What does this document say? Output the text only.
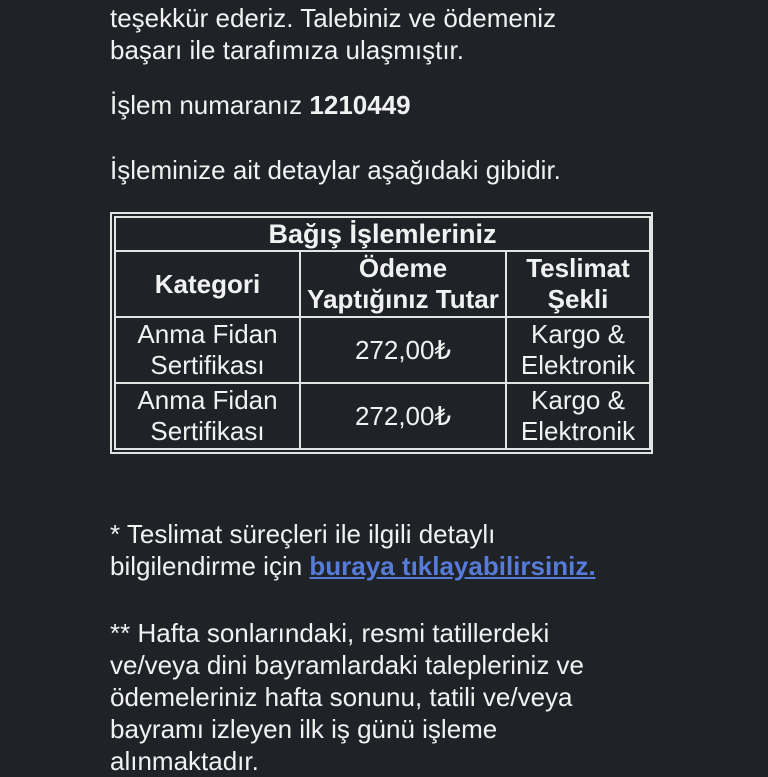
teşekkür ederiz. Talebiniz ve ödemeniz
başarı ile tarafımıza ulaşmıştır.
İşlem numaranız 1210449
İşleminize ait detaylar aşağıdaki gibidir.
Bağış İşlemleriniz		
Kategori	Ödeme Yaptığınız Tutar	Teslimat Şekli
Anma Fidan Sertifikası	272,00₺	Kargo & Elektronik
Anma Fidan Sertifikası	272,00₺	Kargo & Elektronik
* Teslimat süreçleri ile ilgili detaylı
bilgilendirme için buraya tıklayabilirsiniz.
** Hafta sonlarındaki, resmi tatillerdeki
ve/veya dini bayramlardaki talepleriniz ve
ödemeleriniz hafta sonunu, tatili ve/veya
bayramı izleyen ilk iş günü işleme
alınmaktadır.
